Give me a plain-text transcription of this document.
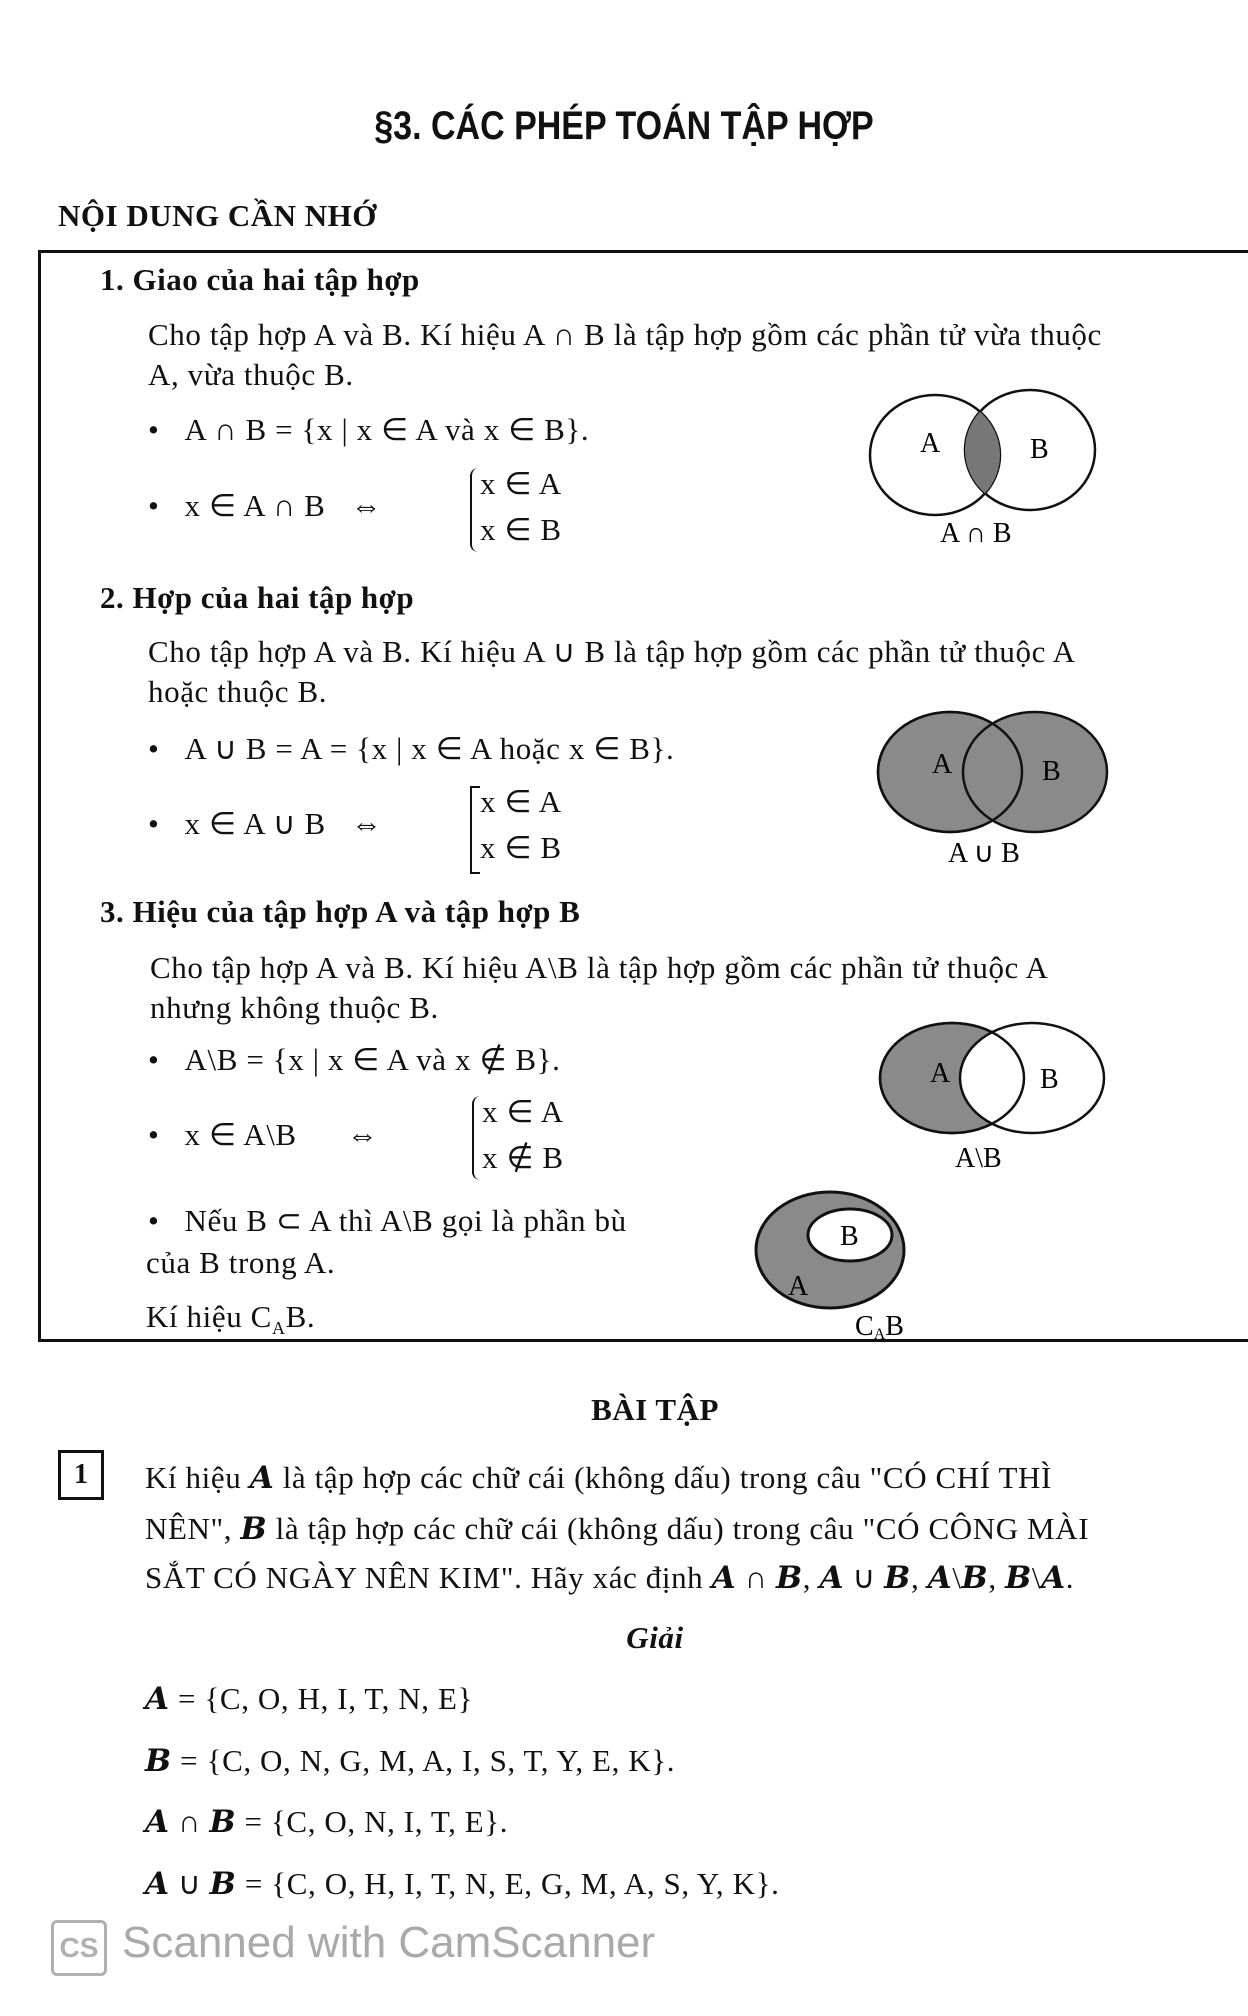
§3. CÁC PHÉP TOÁN TẬP HỢP
NỘI DUNG CẦN NHỚ
1. Giao của hai tập hợp
Cho tập hợp A và B. Kí hiệu A ∩ B là tập hợp gồm các phần tử vừa thuộc
A, vừa thuộc B.
•   A ∩ B = {x | x ∈ A và x ∈ B}.
•   x ∈ A ∩ B ⇔
x ∈ A
x ∈ B
A	B
A ∩ B
2. Hợp của hai tập hợp
Cho tập hợp A và B. Kí hiệu A ∪ B là tập hợp gồm các phần tử thuộc A
hoặc thuộc B.
•   A ∪ B = A = {x | x ∈ A hoặc x ∈ B}.
•   x ∈ A ∪ B ⇔
x ∈ A
x ∈ B
A	B
A ∪ B
3. Hiệu của tập hợp A và tập hợp B
Cho tập hợp A và B. Kí hiệu A\B là tập hợp gồm các phần tử thuộc A
nhưng không thuộc B.
•   A\B = {x | x ∈ A và x ∉ B}.
•   x ∈ A\B ⇔
x ∈ A
x ∉ B
A	B
A\B
•   Nếu B ⊂ A thì A\B gọi là phần bù
của B trong A.
Kí hiệu $C_AB$.
B
A
CAB
BÀI TẬP
1	Kí hiệu A là tập hợp các chữ cái (không dấu) trong câu "CÓ CHÍ THÌ
NÊN", B là tập hợp các chữ cái (không dấu) trong câu "CÓ CÔNG MÀI
SẮT CÓ NGÀY NÊN KIM". Hãy xác định A ∩ B, A ∪ B, A\B, B\A.
Giải
A = {C, O, H, I, T, N, E}
B = {C, O, N, G, M, A, I, S, T, Y, E, K}.
A ∩ B = {C, O, N, I, T, E}.
A ∪ B = {C, O, H, I, T, N, E, G, M, A, S, Y, K}.
CS Scanned with CamScanner
